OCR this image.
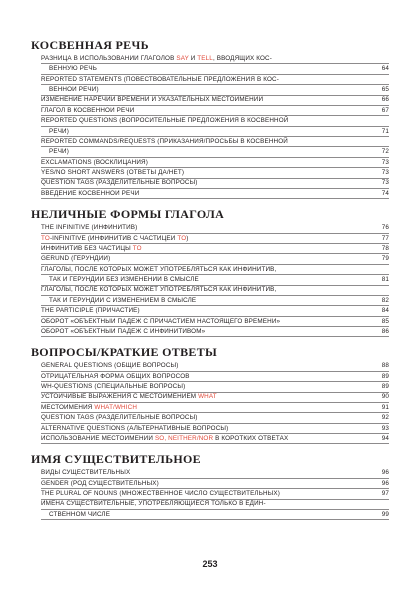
КОСВЕННАЯ РЕЧЬ
РАЗНИЦА В ИСПОЛЬЗОВАНИИ ГЛАГОЛОВ SAY И TELL, ВВОДЯЩИХ КОС-
ВЕННУЮ РЕЧЬ	64
REPORTED STATEMENTS (ПОВЕСТВОВАТЕЛЬНЫЕ ПРЕДЛОЖЕНИЯ В КОС-
ВЕННОЙ РЕЧИ)	65
ИЗМЕНЕНИЕ НАРЕЧИЙ ВРЕМЕНИ И УКАЗАТЕЛЬНЫХ МЕСТОИМЕНИЙ	66
ГЛАГОЛ В КОСВЕННОЙ РЕЧИ	67
REPORTED QUESTIONS (ВОПРОСИТЕЛЬНЫЕ ПРЕДЛОЖЕНИЯ В КОСВЕННОЙ
РЕЧИ)	71
REPORTED COMMANDS/REQUESTS (ПРИКАЗАНИЯ/ПРОСЬБЫ В КОСВЕННОЙ
РЕЧИ)	72
EXCLAMATIONS (ВОСКЛИЦАНИЯ)	73
YES/NO SHORT ANSWERS (ОТВЕТЫ ДА/НЕТ)	73
QUESTION TAGS (РАЗДЕЛИТЕЛЬНЫЕ ВОПРОСЫ)	73
ВВЕДЕНИЕ КОСВЕННОЙ РЕЧИ	74
НЕЛИЧНЫЕ ФОРМЫ ГЛАГОЛА
THE INFINITIVE (ИНФИНИТИВ)	76
TO-INFINITIVE (ИНФИНИТИВ С ЧАСТИЦЕЙ TO)	77
ИНФИНИТИВ БЕЗ ЧАСТИЦЫ TO	78
GERUND (ГЕРУНДИЙ)	79
ГЛАГОЛЫ, ПОСЛЕ КОТОРЫХ МОЖЕТ УПОТРЕБЛЯТЬСЯ КАК ИНФИНИТИВ,
ТАК И ГЕРУНДИЙ БЕЗ ИЗМЕНЕНИЙ В СМЫСЛЕ	81
ГЛАГОЛЫ, ПОСЛЕ КОТОРЫХ МОЖЕТ УПОТРЕБЛЯТЬСЯ КАК ИНФИНИТИВ,
ТАК И ГЕРУНДИЙ С ИЗМЕНЕНИЕМ В СМЫСЛЕ	82
THE PARTICIPLE (ПРИЧАСТИЕ)	84
ОБОРОТ «ОБЪЕКТНЫЙ ПАДЕЖ С ПРИЧАСТИЕМ НАСТОЯЩЕГО ВРЕМЕНИ»	85
ОБОРОТ «ОБЪЕКТНЫЙ ПАДЕЖ С ИНФИНИТИВОМ»	86
ВОПРОСЫ/КРАТКИЕ ОТВЕТЫ
GENERAL QUESTIONS (ОБЩИЕ ВОПРОСЫ)	88
ОТРИЦАТЕЛЬНАЯ ФОРМА ОБЩИХ ВОПРОСОВ	89
WH-QUESTIONS (СПЕЦИАЛЬНЫЕ ВОПРОСЫ)	89
УСТОЙЧИВЫЕ ВЫРАЖЕНИЯ С МЕСТОИМЕНИЕМ WHAT	90
МЕСТОИМЕНИЯ WHAT/WHICH	91
QUESTION TAGS (РАЗДЕЛИТЕЛЬНЫЕ ВОПРОСЫ)	92
ALTERNATIVE QUESTIONS (АЛЬТЕРНАТИВНЫЕ ВОПРОСЫ)	93
ИСПОЛЬЗОВАНИЕ МЕСТОИМЕНИЙ SO, NEITHER/NOR В КОРОТКИХ ОТВЕТАХ	94
ИМЯ СУЩЕСТВИТЕЛЬНОЕ
ВИДЫ СУЩЕСТВИТЕЛЬНЫХ	96
GENDER (РОД СУЩЕСТВИТЕЛЬНЫХ)	96
THE PLURAL OF NOUNS (МНОЖЕСТВЕННОЕ ЧИСЛО СУЩЕСТВИТЕЛЬНЫХ)	97
ИМЕНА СУЩЕСТВИТЕЛЬНЫЕ, УПОТРЕБЛЯЮЩИЕСЯ ТОЛЬКО В ЕДИН-
СТВЕННОМ ЧИСЛЕ	99
253
